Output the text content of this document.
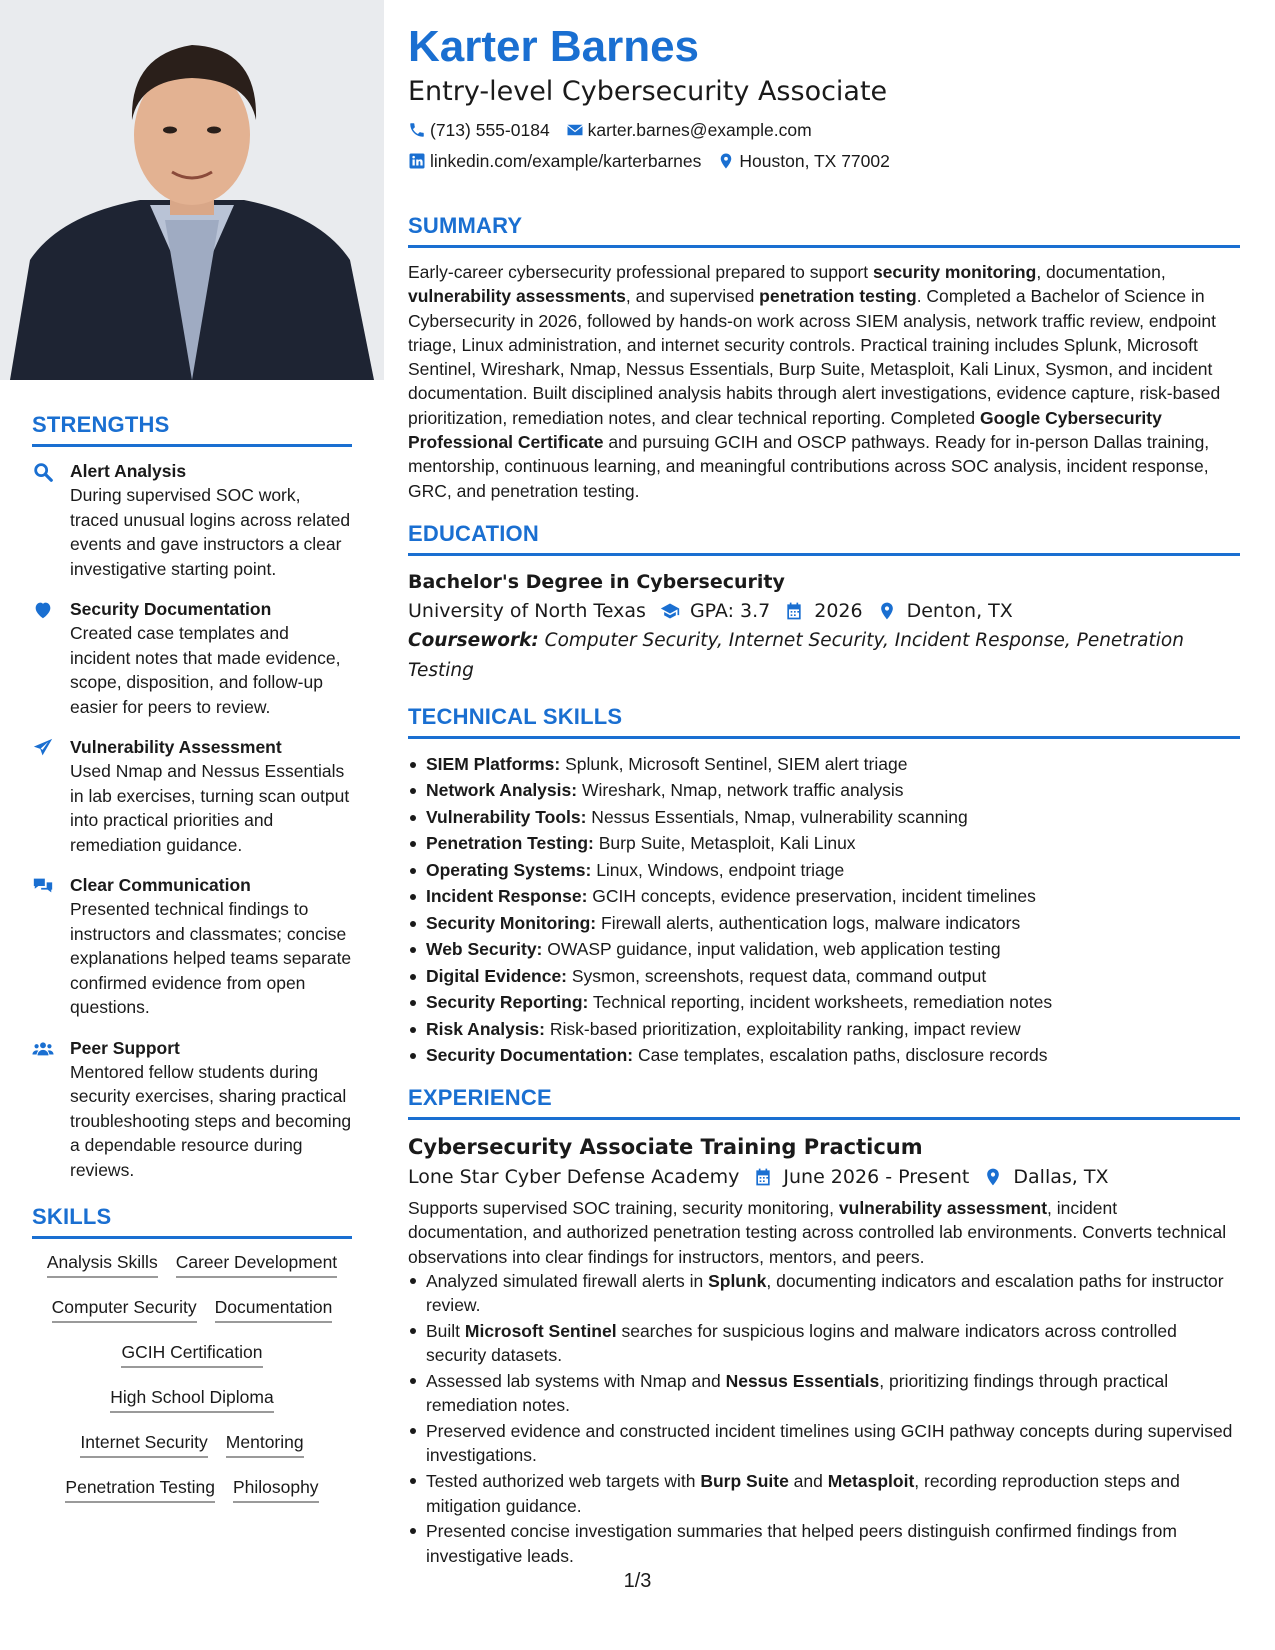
STRENGTHS
Alert Analysis
During supervised SOC work, traced unusual logins across related events and gave instructors a clear investigative starting point.
Security Documentation
Created case templates and incident notes that made evidence, scope, disposition, and follow-up easier for peers to review.
Vulnerability Assessment
Used Nmap and Nessus Essentials in lab exercises, turning scan output into practical priorities and remediation guidance.
Clear Communication
Presented technical findings to instructors and classmates; concise explanations helped teams separate confirmed evidence from open questions.
Peer Support
Mentored fellow students during security exercises, sharing practical troubleshooting steps and becoming a dependable resource during reviews.
SKILLS
Analysis Skills Career Development
Computer Security Documentation
GCIH Certification
High School Diploma
Internet Security Mentoring
Penetration Testing Philosophy
Karter Barnes
Entry-level Cybersecurity Associate
(713) 555-0184 karter.barnes@example.com
linkedin.com/example/karterbarnes Houston, TX 77002
SUMMARY
Early-career cybersecurity professional prepared to support security monitoring, documentation, vulnerability assessments, and supervised penetration testing. Completed a Bachelor of Science in Cybersecurity in 2026, followed by hands-on work across SIEM analysis, network traffic review, endpoint triage, Linux administration, and internet security controls. Practical training includes Splunk, Microsoft Sentinel, Wireshark, Nmap, Nessus Essentials, Burp Suite, Metasploit, Kali Linux, Sysmon, and incident documentation. Built disciplined analysis habits through alert investigations, evidence capture, risk-based prioritization, remediation notes, and clear technical reporting. Completed Google Cybersecurity Professional Certificate and pursuing GCIH and OSCP pathways. Ready for in-person Dallas training, mentorship, continuous learning, and meaningful contributions across SOC analysis, incident response, GRC, and penetration testing.
EDUCATION
Bachelor's Degree in Cybersecurity
University of North Texas GPA: 3.7 2026 Denton, TX
Coursework: Computer Security, Internet Security, Incident Response, Penetration Testing
TECHNICAL SKILLS
SIEM Platforms: Splunk, Microsoft Sentinel, SIEM alert triage
Network Analysis: Wireshark, Nmap, network traffic analysis
Vulnerability Tools: Nessus Essentials, Nmap, vulnerability scanning
Penetration Testing: Burp Suite, Metasploit, Kali Linux
Operating Systems: Linux, Windows, endpoint triage
Incident Response: GCIH concepts, evidence preservation, incident timelines
Security Monitoring: Firewall alerts, authentication logs, malware indicators
Web Security: OWASP guidance, input validation, web application testing
Digital Evidence: Sysmon, screenshots, request data, command output
Security Reporting: Technical reporting, incident worksheets, remediation notes
Risk Analysis: Risk-based prioritization, exploitability ranking, impact review
Security Documentation: Case templates, escalation paths, disclosure records
EXPERIENCE
Cybersecurity Associate Training Practicum
Lone Star Cyber Defense Academy June 2026 - Present Dallas, TX
Supports supervised SOC training, security monitoring, vulnerability assessment, incident documentation, and authorized penetration testing across controlled lab environments. Converts technical observations into clear findings for instructors, mentors, and peers.
Analyzed simulated firewall alerts in Splunk, documenting indicators and escalation paths for instructor review.
Built Microsoft Sentinel searches for suspicious logins and malware indicators across controlled security datasets.
Assessed lab systems with Nmap and Nessus Essentials, prioritizing findings through practical remediation notes.
Preserved evidence and constructed incident timelines using GCIH pathway concepts during supervised investigations.
Tested authorized web targets with Burp Suite and Metasploit, recording reproduction steps and mitigation guidance.
Presented concise investigation summaries that helped peers distinguish confirmed findings from investigative leads.
1/3
